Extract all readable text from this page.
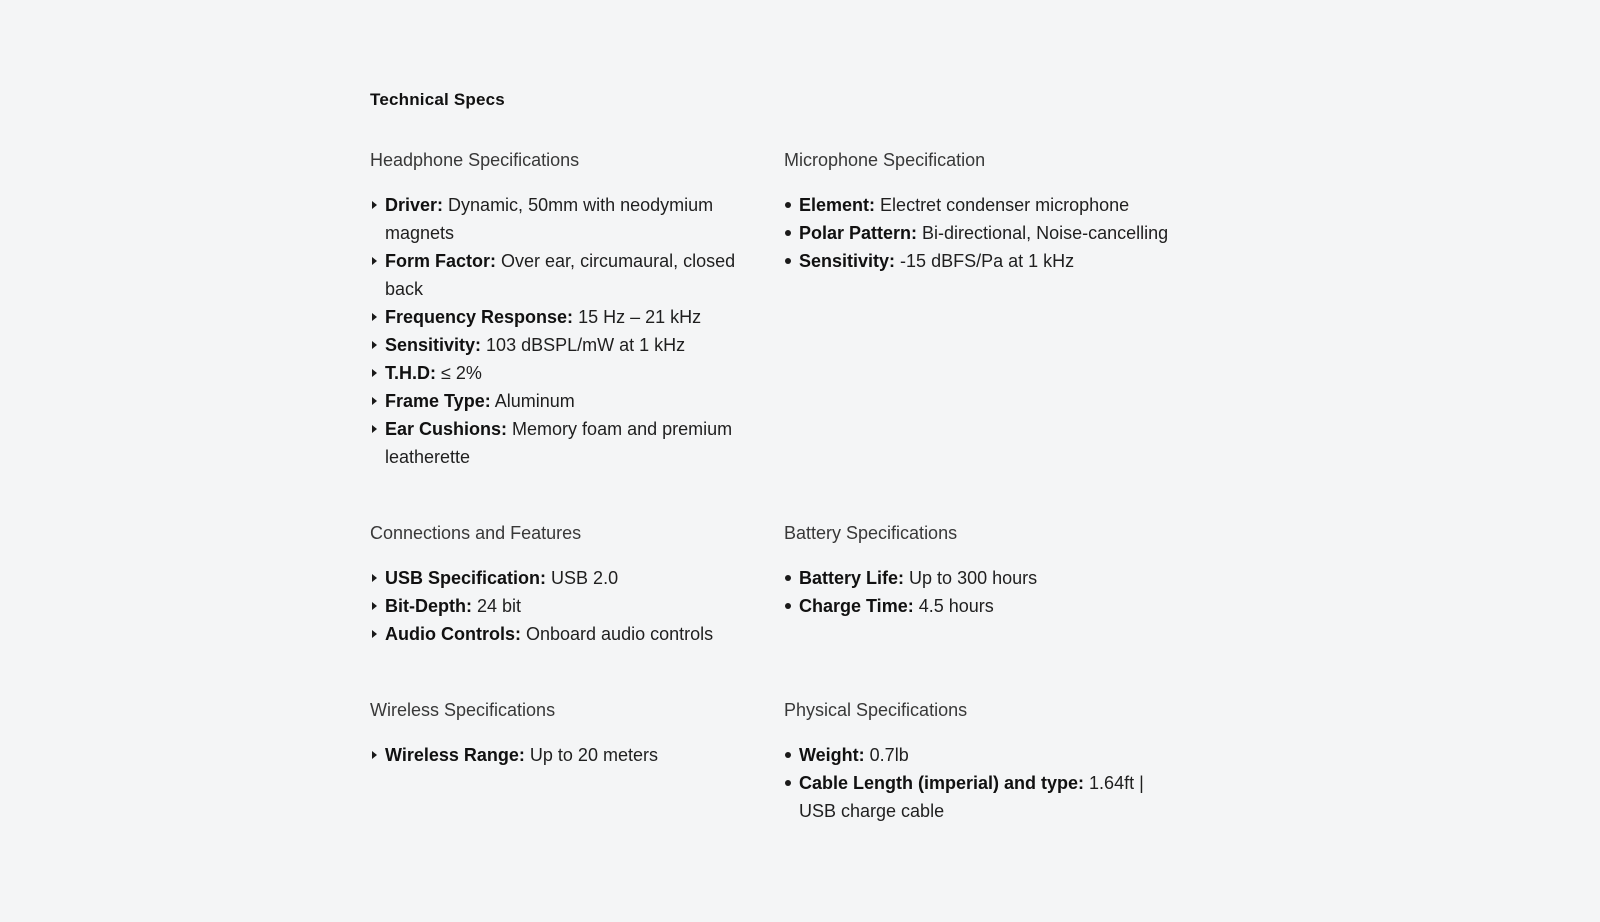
Technical Specs
Headphone Specifications
Driver: Dynamic, 50mm with neodymium magnets
Form Factor: Over ear, circumaural, closed back
Frequency Response: 15 Hz – 21 kHz
Sensitivity: 103 dBSPL/mW at 1 kHz
T.H.D: ≤ 2%
Frame Type: Aluminum
Ear Cushions: Memory foam and premium leatherette
Microphone Specification
Element: Electret condenser microphone
Polar Pattern: Bi-directional, Noise-cancelling
Sensitivity: -15 dBFS/Pa at 1 kHz
Connections and Features
USB Specification: USB 2.0
Bit-Depth: 24 bit
Audio Controls: Onboard audio controls
Battery Specifications
Battery Life: Up to 300 hours
Charge Time: 4.5 hours
Wireless Specifications
Wireless Range: Up to 20 meters
Physical Specifications
Weight: 0.7lb
Cable Length (imperial) and type: 1.64ft | USB charge cable
